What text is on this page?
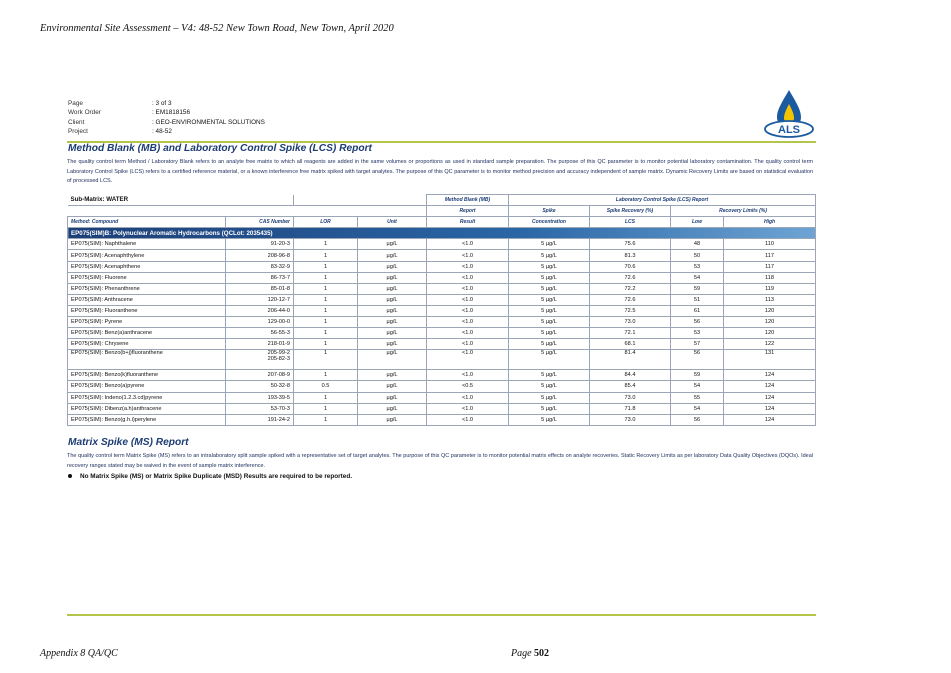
Environmental Site Assessment – V4: 48-52 New Town Road, New Town, April 2020
Page	: 3 of 3
Work Order	: EM1818156
Client	: GEO-ENVIRONMENTAL SOLUTIONS
Project	: 48-52	ALS
Method Blank (MB) and Laboratory Control Spike (LCS) Report

The quality control term Method / Laboratory Blank refers to an analyte free matrix to which all reagents are added in the same volumes or proportions as used in standard sample preparation. The purpose of this QC parameter is to monitor potential laboratory contamination. The quality control term Laboratory Control Spike (LCS) refers to a certified reference material, or a known interference free matrix spiked with target analytes. The purpose of this QC parameter is to monitor method precision and accuracy independent of sample matrix. Dynamic Recovery Limits are based on statistical evaluation of processed LCS.

Sub-Matrix: WATER				Method Blank (MB)	Laboratory Control Spike (LCS) Report			
				Report	Spike	Spike Recovery (%)	Recovery Limits (%)	
Method: Compound	CAS Number	LOR	Unit	Result	Concentration	LCS	Low	High
EP075(SIM)B: Polynuclear Aromatic Hydrocarbons (QCLot: 2035435)								
EP075(SIM): Naphthalene	91-20-3	1	µg/L	<1.0	5 µg/L	75.6	48	110
EP075(SIM): Acenaphthylene	208-96-8	1	µg/L	<1.0	5 µg/L	81.3	50	117
EP075(SIM): Acenaphthene	83-32-9	1	µg/L	<1.0	5 µg/L	70.6	53	117
EP075(SIM): Fluorene	86-73-7	1	µg/L	<1.0	5 µg/L	72.6	54	118
EP075(SIM): Phenanthrene	85-01-8	1	µg/L	<1.0	5 µg/L	72.2	59	119
EP075(SIM): Anthracene	120-12-7	1	µg/L	<1.0	5 µg/L	72.6	51	113
EP075(SIM): Fluoranthene	206-44-0	1	µg/L	<1.0	5 µg/L	72.5	61	120
EP075(SIM): Pyrene	129-00-0	1	µg/L	<1.0	5 µg/L	73.0	56	120
EP075(SIM): Benz(a)anthracene	56-55-3	1	µg/L	<1.0	5 µg/L	72.1	53	120
EP075(SIM): Chrysene	218-01-9	1	µg/L	<1.0	5 µg/L	68.1	57	122
EP075(SIM): Benzo(b+j)fluoranthene	205-99-2
205-82-3	1	µg/L	<1.0	5 µg/L	81.4	56	131
EP075(SIM): Benzo(k)fluoranthene	207-08-9	1	µg/L	<1.0	5 µg/L	84.4	59	124
EP075(SIM): Benzo(a)pyrene	50-32-8	0.5	µg/L	<0.5	5 µg/L	85.4	54	124
EP075(SIM): Indeno(1.2.3.cd)pyrene	193-39-5	1	µg/L	<1.0	5 µg/L	73.0	55	124
EP075(SIM): Dibenz(a.h)anthracene	53-70-3	1	µg/L	<1.0	5 µg/L	71.8	54	124
EP075(SIM): Benzo(g.h.i)perylene	191-24-2	1	µg/L	<1.0	5 µg/L	73.0	56	124
Matrix Spike (MS) Report

The quality control term Matrix Spike (MS) refers to an intralaboratory split sample spiked with a representative set of target analytes. The purpose of this QC parameter is to monitor potential matrix effects on analyte recoveries. Static Recovery Limits as per laboratory Data Quality Objectives (DQOs). Ideal recovery ranges stated may be waived in the event of sample matrix interference.

No Matrix Spike (MS) or Matrix Spike Duplicate (MSD) Results are required to be reported.
Appendix 8 QA/QC	Page 502
